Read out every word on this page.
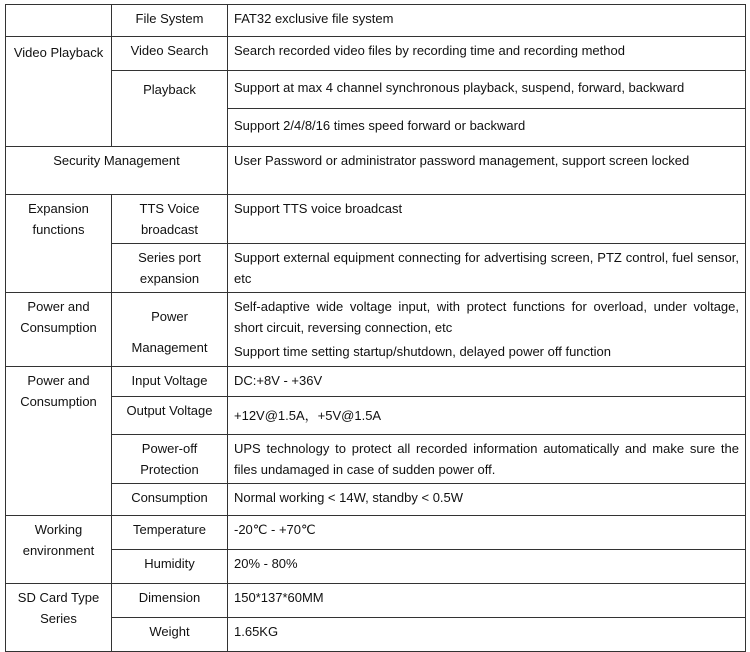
	File System	FAT32 exclusive file system
Video Playback	Video Search	Search recorded video files by recording time and recording method
	Playback	Support at max 4 channel synchronous playback, suspend, forward, backward
		Support 2/4/8/16 times speed forward or backward
Security Management		User Password or administrator password management, support screen locked
Expansion functions	TTS Voice broadcast	Support TTS voice broadcast
	Series port expansion	Support external equipment connecting for advertising screen, PTZ control, fuel sensor, etc
Power and Consumption	Power Management	Self-adaptive wide voltage input, with protect functions for overload, under voltage, short circuit, reversing connection, etc
		Support time setting startup/shutdown, delayed power off function
Power and Consumption	Input Voltage	DC:+8V - +36V
	Output Voltage	+12V@1.5A，+5V@1.5A
	Power-off Protection	UPS technology to protect all recorded information automatically and make sure the files undamaged in case of sudden power off.
	Consumption	Normal working < 14W, standby < 0.5W
Working environment	Temperature	-20℃ - +70℃
	Humidity	20% - 80%
SD Card Type Series	Dimension	150*137*60MM
	Weight	1.65KG
